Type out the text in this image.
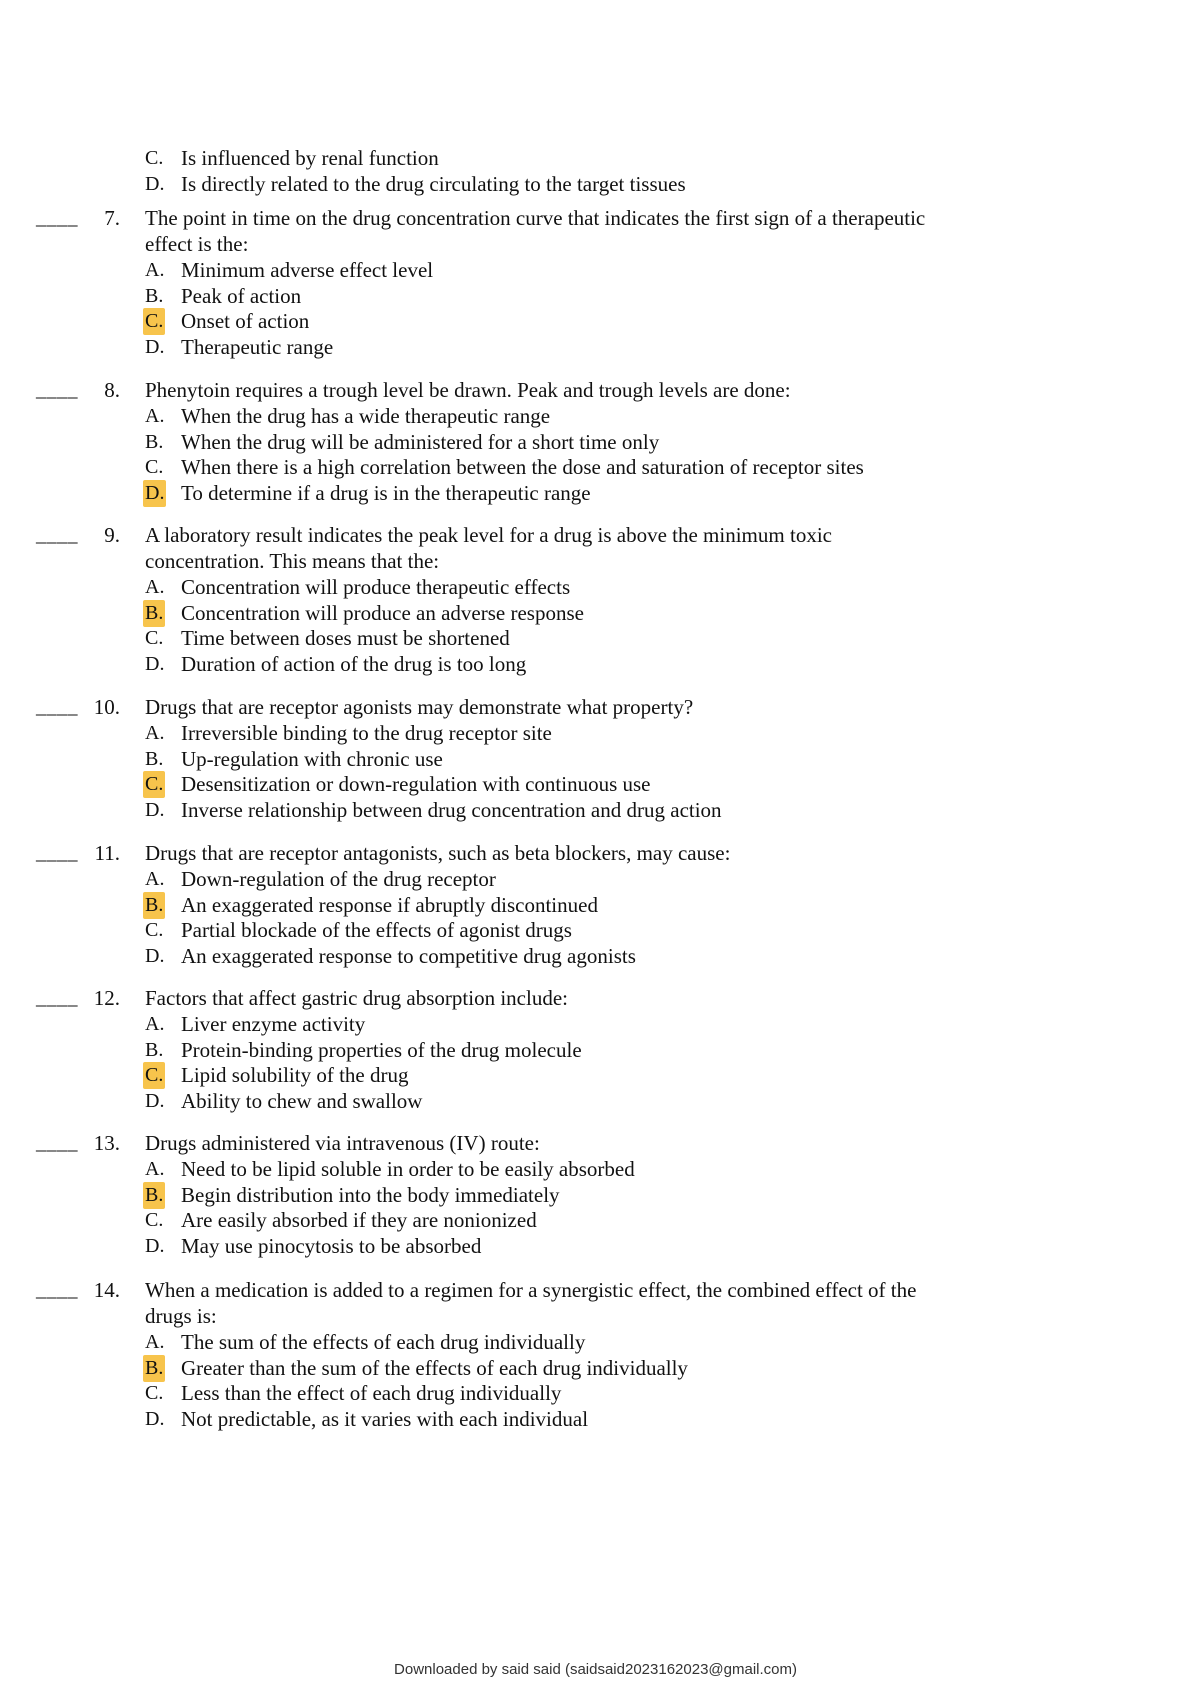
C. Is influenced by renal function
D. Is directly related to the drug circulating to the target tissues
____	7. The point in time on the drug concentration curve that indicates the first sign of a therapeutic
effect is the:
A. Minimum adverse effect level
B. Peak of action
C. Onset of action
D. Therapeutic range
____	8. Phenytoin requires a trough level be drawn. Peak and trough levels are done:
A. When the drug has a wide therapeutic range
B. When the drug will be administered for a short time only
C. When there is a high correlation between the dose and saturation of receptor sites
D. To determine if a drug is in the therapeutic range
____	9. A laboratory result indicates the peak level for a drug is above the minimum toxic
concentration. This means that the:
A. Concentration will produce therapeutic effects
B. Concentration will produce an adverse response
C. Time between doses must be shortened
D. Duration of action of the drug is too long
____ 10. Drugs that are receptor agonists may demonstrate what property?
A. Irreversible binding to the drug receptor site
B. Up-regulation with chronic use
C. Desensitization or down-regulation with continuous use
D. Inverse relationship between drug concentration and drug action
____ 11. Drugs that are receptor antagonists, such as beta blockers, may cause:
A. Down-regulation of the drug receptor
B. An exaggerated response if abruptly discontinued
C. Partial blockade of the effects of agonist drugs
D. An exaggerated response to competitive drug agonists
____ 12. Factors that affect gastric drug absorption include:
A. Liver enzyme activity
B. Protein-binding properties of the drug molecule
C. Lipid solubility of the drug
D. Ability to chew and swallow
____ 13. Drugs administered via intravenous (IV) route:
A. Need to be lipid soluble in order to be easily absorbed
B. Begin distribution into the body immediately
C. Are easily absorbed if they are nonionized
D. May use pinocytosis to be absorbed
____ 14. When a medication is added to a regimen for a synergistic effect, the combined effect of the
drugs is:
A. The sum of the effects of each drug individually
B. Greater than the sum of the effects of each drug individually
C. Less than the effect of each drug individually
D. Not predictable, as it varies with each individual
Downloaded by said said (saidsaid2023162023@gmail.com)
